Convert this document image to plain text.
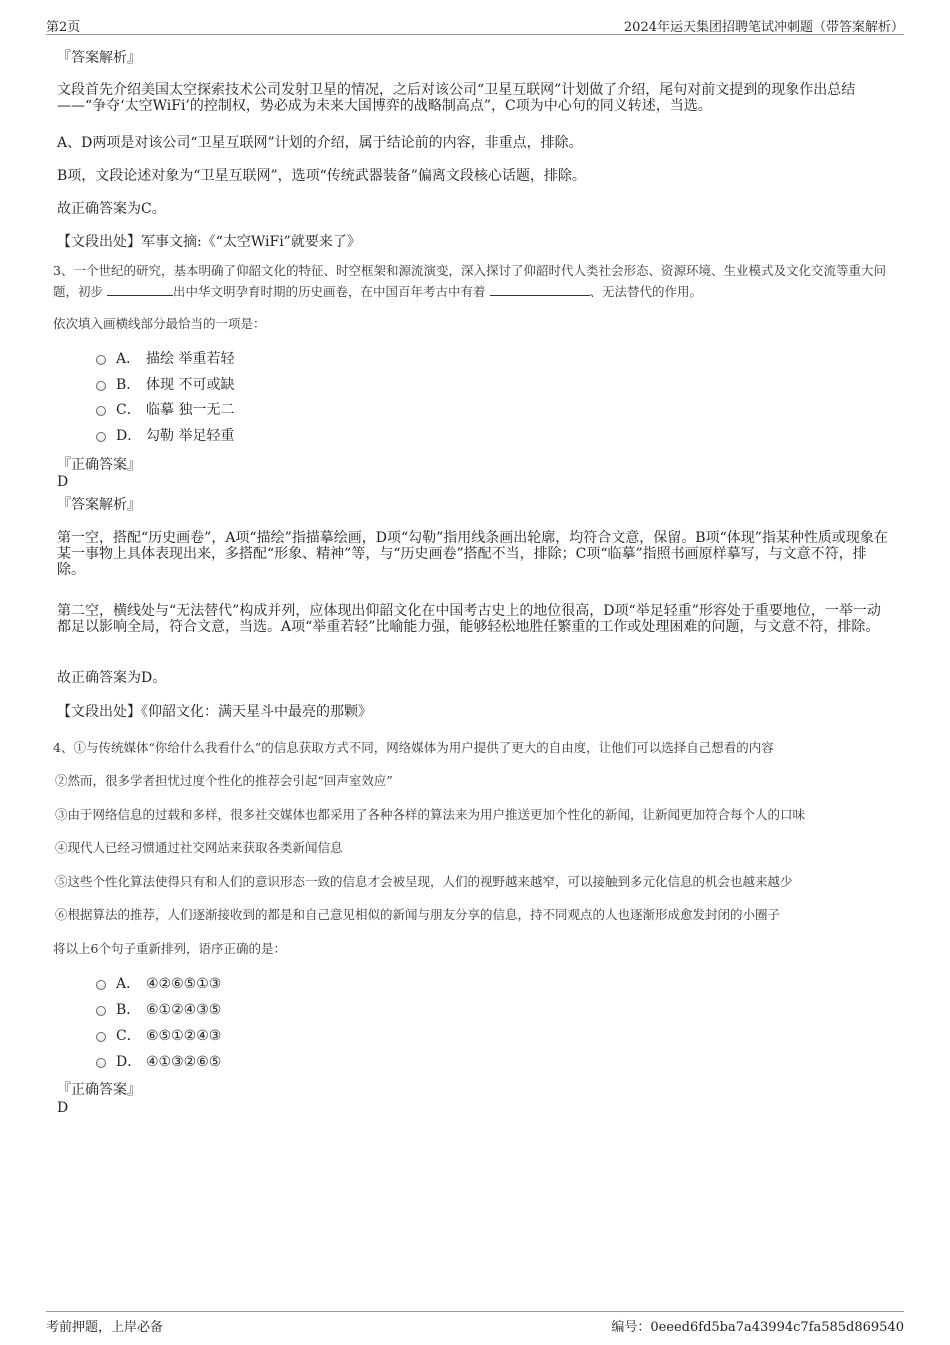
第2页	2024年运天集团招聘笔试冲刺题（带答案解析）

『答案解析』

文段首先介绍美国太空探索技术公司发射卫星的情况，之后对该公司“卫星互联网”计划做了介绍，尾句对前文提到的现象作出总结——“争夺‘太空WiFi’的控制权，势必成为未来大国博弈的战略制高点”，C项为中心句的同义转述，当选。

A、D两项是对该公司“卫星互联网”计划的介绍，属于结论前的内容，非重点，排除。

B项，文段论述对象为“卫星互联网”，选项“传统武器装备”偏离文段核心话题，排除。

故正确答案为C。

【文段出处】军事文摘:《“太空WiFi”就要来了》

3、一个世纪的研究，基本明确了仰韶文化的特征、时空框架和源流演变，深入探讨了仰韶时代人类社会形态、资源环境、生业模式及文化交流等重大问题，初步	出中华文明孕育时期的历史画卷，在中国百年考古中有着	、无法替代的作用。

依次填入画横线部分最恰当的一项是：

A． 描绘 举重若轻
B． 体现 不可或缺
C． 临摹 独一无二
D． 勾勒 举足轻重

『正确答案』

D

『答案解析』

第一空，搭配“历史画卷”，A项“描绘”指描摹绘画，D项“勾勒”指用线条画出轮廓，均符合文意，保留。B项“体现”指某种性质或现象在某一事物上具体表现出来，多搭配“形象、精神”等，与“历史画卷”搭配不当，排除；C项“临摹”指照书画原样摹写，与文意不符，排除。

第二空，横线处与“无法替代”构成并列，应体现出仰韶文化在中国考古史上的地位很高，D项“举足轻重”形容处于重要地位，一举一动都足以影响全局，符合文意，当选。A项“举重若轻”比喻能力强，能够轻松地胜任繁重的工作或处理困难的问题，与文意不符，排除。

故正确答案为D。

【文段出处】《仰韶文化：满天星斗中最亮的那颗》

4、①与传统媒体“你给什么我看什么”的信息获取方式不同，网络媒体为用户提供了更大的自由度，让他们可以选择自己想看的内容

②然而，很多学者担忧过度个性化的推荐会引起“回声室效应”

③由于网络信息的过载和多样，很多社交媒体也都采用了各种各样的算法来为用户推送更加个性化的新闻，让新闻更加符合每个人的口味

④现代人已经习惯通过社交网站来获取各类新闻信息

⑤这些个性化算法使得只有和人们的意识形态一致的信息才会被呈现，人们的视野越来越窄，可以接触到多元化信息的机会也越来越少

⑥根据算法的推荐，人们逐渐接收到的都是和自己意见相似的新闻与朋友分享的信息，持不同观点的人也逐渐形成愈发封闭的小圈子

将以上6个句子重新排列，语序正确的是：

A． ④②⑥⑤①③
B． ⑥①②④③⑤
C． ⑥⑤①②④③
D． ④①③②⑥⑤

『正确答案』

D

考前押题，上岸必备	编号：0eeed6fd5ba7a43994c7fa585d869540
